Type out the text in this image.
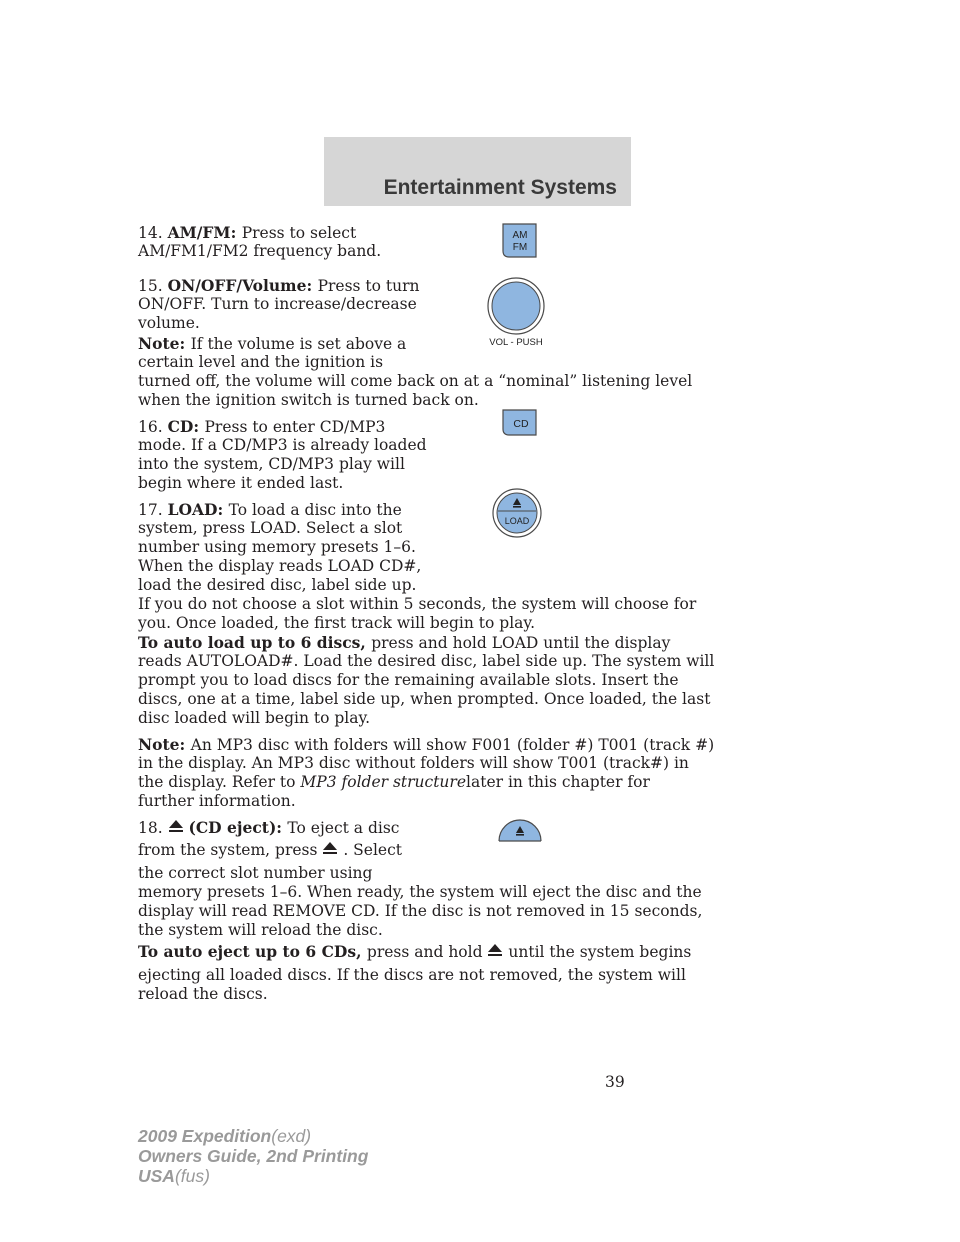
Entertainment Systems
14. AM/FM: Press to select
AM/FM1/FM2 frequency band.
AM
FM
15. ON/OFF/Volume: Press to turn
ON/OFF. Turn to increase/decrease
volume.
VOL - PUSH
Note: If the volume is set above a
certain level and the ignition is
turned off, the volume will come back on at a “nominal” listening level
when the ignition switch is turned back on.
16. CD: Press to enter CD/MP3
mode. If a CD/MP3 is already loaded
into the system, CD/MP3 play will
begin where it ended last.
CD
17. LOAD: To load a disc into the
system, press LOAD. Select a slot
number using memory presets 1–6.
When the display reads LOAD CD#,
load the desired disc, label side up.
If you do not choose a slot within 5 seconds, the system will choose for
you. Once loaded, the first track will begin to play.
LOAD
To auto load up to 6 discs, press and hold LOAD until the display
reads AUTOLOAD#. Load the desired disc, label side up. The system will
prompt you to load discs for the remaining available slots. Insert the
discs, one at a time, label side up, when prompted. Once loaded, the last
disc loaded will begin to play.
Note: An MP3 disc with folders will show F001 (folder #) T001 (track #)
in the display. An MP3 disc without folders will show T001 (track#) in
the display. Refer to MP3 folder structurelater in this chapter for
further information.
18.  (CD eject): To eject a disc
from the system, press  . Select
the correct slot number using
memory presets 1–6. When ready, the system will eject the disc and the
display will read REMOVE CD. If the disc is not removed in 15 seconds,
the system will reload the disc.
To auto eject up to 6 CDs, press and hold until the system begins
ejecting all loaded discs. If the discs are not removed, the system will
reload the discs.
39
2009 Expedition(exd)
Owners Guide, 2nd Printing
USA(fus)
